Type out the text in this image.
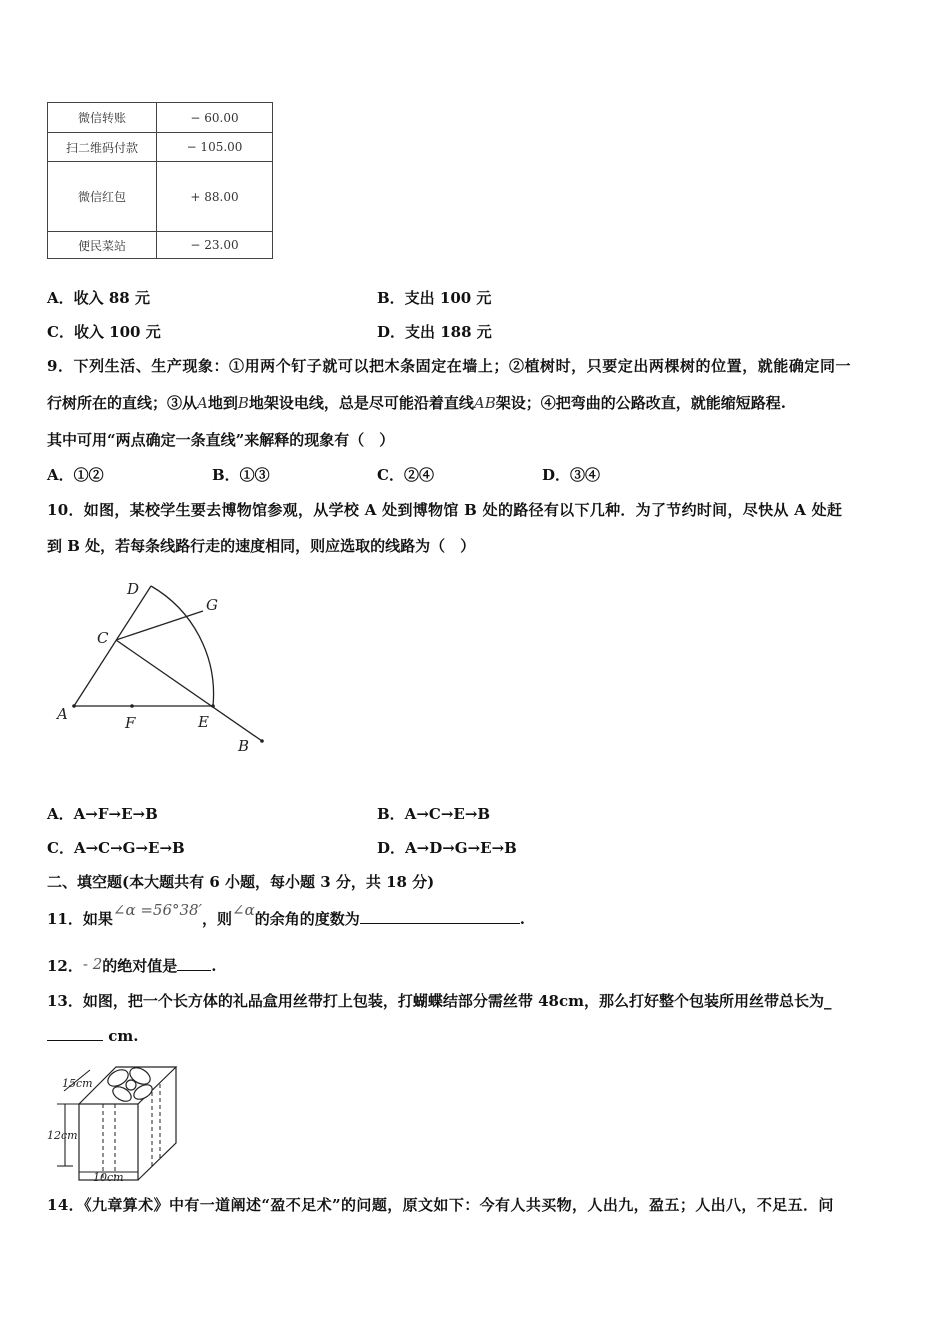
微信转账	− 60.00
扫二维码付款	− 105.00
微信红包	+ 88.00
便民菜站	− 23.00
A．收入 88 元	B．支出 100 元
C．收入 100 元	D．支出 188 元
9．下列生活、生产现象：①用两个钉子就可以把木条固定在墙上；②植树时，只要定出两棵树的位置，就能确定同一
行树所在的直线；③从A地到B地架设电线，总是尽可能沿着直线AB架设；④把弯曲的公路改直，就能缩短路程.
其中可用“两点确定一条直线”来解释的现象有（　）
A．①②	B．①③	C．②④	D．③④
10．如图，某校学生要去博物馆参观，从学校 A 处到博物馆 B 处的路径有以下几种．为了节约时间，尽快从 A 处赶
到 B 处，若每条线路行走的速度相同，则应选取的线路为（　）
D
G
C
A	F	E
B
A．A→F→E→B	B．A→C→E→B
C．A→C→G→E→B	D．A→D→G→E→B
二、填空题(本大题共有 6 小题，每小题 3 分，共 18 分)
11．如果∠α =56°38′，则∠α的余角的度数为	.
12．- 2的绝对值是 .
13．如图，把一个长方体的礼品盒用丝带打上包装，打蝴蝶结部分需丝带 48cm，那么打好整个包装所用丝带总长为_
cm.
15cm
12cm
10cm
14．《九章算术》中有一道阐述“盈不足术”的问题，原文如下：今有人共买物，人出九，盈五；人出八，不足五．问
